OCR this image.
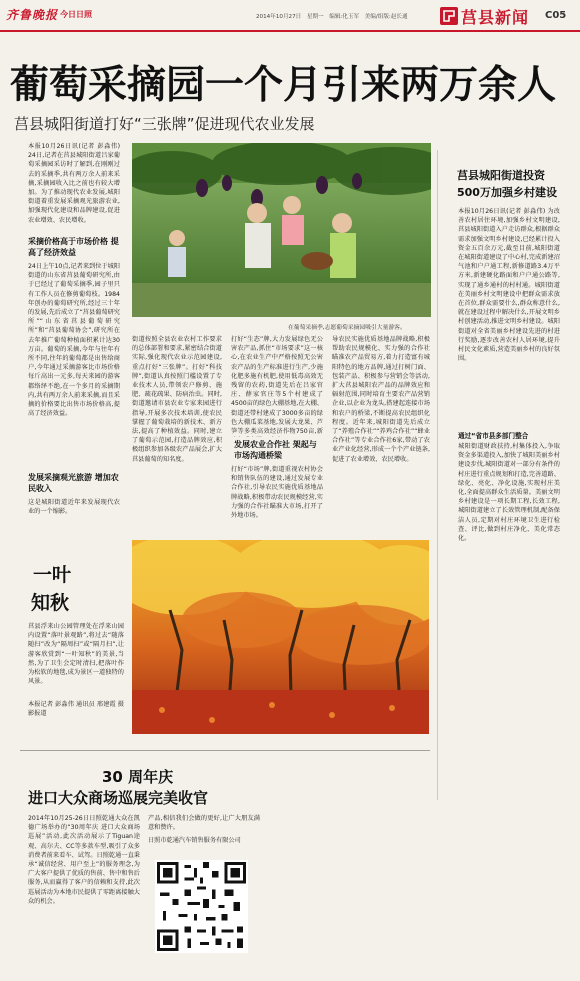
齐鲁晚报 今日日照	2014年10月27日　星期一　编辑:化玉军　美编/组版:赵长通	莒县新闻 C05
葡萄采摘园一个月引来两万余人
莒县城阳街道打好“三张牌”促进现代农业发展
本报10月26日讯(记者 彭淼伟) 24日,记者在莒县城阳街道吕家葡萄采摘园采访时了解到,在刚刚过去的采摘季,共有两万余人前来采摘,采摘园收入比之前也有较大增加。为了推动现代农业发展,城阳街道着重发展采摘观光旅游农业,加强现代化建设和品牌建设,促进农业增效、农民增收。
采摘价格高于市场价格 提高了经济效益
24日上午10点,记者来到位于城阳街道的山东省莒县葡萄研究所,由于已经过了葡萄采摘季,园子里只有工作人员在修剪葡萄枝。1984年创办的葡萄研究所,经过三十年的发展,先后成立了“莒县葡萄研究所”“山东省莒县葡萄研究所”和“莒县葡萄协会”,研究所在去年推广葡萄种植面积累计达30万亩。葡萄的采摘,今年与往年有所不同,往年的葡萄都是出售给商户,今年通过采摘游客比市场价格每斤高出一元多,每天来园的游客都络绎不绝,在一个多月的采摘期内,共有两万余人前来采摘,而且采摘的价格要比出售市场价格高,提高了经济效益。
发展采摘观光旅游 增加农民收入
这是城阳街道近年来发展现代农业的一个缩影。
在葡萄采摘季,志愿葡萄采摘园吸引大量游客。
街道按照全县农业农村工作要求的总体部署和要求,紧密结合街道实际,强化现代农业示范园建设,重点打好“三张牌”。打好“科技牌”,街道认真按照门槛设置了专业技术人员,带领农户修剪、施肥、疏花疏果、防病治虫。同时,街道邀请市县农业专家来园进行指导,开展多次技术培训,使农民掌握了葡萄栽培的新技术、新方法,提高了种植效益。同时,建立了葡萄示范园,打造品牌效应,积极组织参加各级农产品展会,扩大莒县葡萄的知名度。
打好“生态”牌,大力发展绿色无公害农产品,抓住“市场要求”这一核心,在农业生产中严格按照无公害农产品的生产标准进行生产,少施化肥多施有机肥,使用低毒高效无残留的农药,街道先后在吕家官庄、薛家官庄等5个村建成了4500亩的绿色大棚基地,在大棚、街道还带村建成了3000多亩的绿色大棚瓜菜基地,发展大龙果、芦笋等多类高效经济作物750亩,新
发展农业合作社 架起与市场沟通桥梁
打好“市场”牌,街道重视农村协会和销售队伍的建设,通过发展专业合作社,引导农民实施优质基地品牌战略,积极带动农民规模经营,实力强的合作社瞄准大市场,打开了外地市场。
导农民实施优质基地品牌战略,积极帮助农民规模化、实力强的合作社瞄准农产品贸易方,着力打造富有城阳特色的地方品牌,通过打树门面、包装产品、积极参与营销会等活动,扩大莒县城阳农产品的品牌效应和辐射范围,同时培育主要农产品营销企业,以企业为龙头,搭建起连接市场和农户的桥梁,不断提高农民组织化程度。近年来,城阳街道先后成立了“养殖合作社”“养鸡合作社”“蜂业合作社”等专业合作社6家,带动了农业产业化经营,形成一个个产业链条,促进了农业增效、农民增收。
莒县城阳街道投资
500万加强乡村建设
本报10月26日讯(记者 彭淼伟) 为改善农村居住环境,加强乡村文明建设,莒县城阳街道入户走访群众,根据群众需求加强文明乡村建设,已经累计投入资金五百余万元,截至目前,城阳街道在城阳街道建设了中心村,完成新建沼气池和户户通工程,新修道路3.4万平方米,新建硬化路面和户户通公路等,实现了通乡通村的村村通。城阳街道在美丽乡村文明建设中把群众需求放在首位,群众需要什么,群众称意什么,就在建设过程中解决什么,开展文明乡村创建活动,推进文明乡村建设。城阳街道对全省美丽乡村建设先进的村进行奖励,逐步改善农村人居环境,提升村民文化素质,营造美丽乡村的良好氛围。
通过“省市县多部门整合
城阳街道财政扶持,村集体投入,争取资金多渠道投入,加快了城阳美丽乡村建设步伐,城阳街道对一部分有条件的村庄进行重点规划和打造,完善道路、绿化、亮化、净化设施,实现村庄美化,全面提高群众生活质量。美丽文明乡村建设是一项长期工程,长效工程,城阳街道建立了长效管理机制,配备保洁人员,定期对村庄环境卫生进行检查、评比,做到村庄净化、美化常态化。
一叶
知秋
莒县浮来山公园管理处在浮来山园内设置“落叶景观路”,将过去“随落随扫”改为“隔周扫”或“隔月扫”,让游客欣赏到“一叶知秋”的美景,当然,为了卫生会定时清扫,把落叶作为松软的地毯,成为景区一道独特的风景。
本报记者 彭淼伟 通讯员 邢建霞 摄影报道
30 周年庆
进口大众商场巡展完美收官
2014年10月25-26日日照乾通大众在凯德广场举办的“30周年庆 进口大众商场巡展”活动,此次活动展示了Tiguan途观、高尔夫、CC等多款车型,吸引了众多消费者前来看车、试驾。日照乾通一直秉承“诚信经营、用户至上”的服务理念,为广大客户提供了优质的售前、售中和售后服务,从而赢得了客户的信赖和支持,此次巡展活动为本地市民提供了零距离接触大众的机会。
产品,相信我们会做的更好,让广大朋友满意和赞许。
日照市乾通汽车销售服务有限公司
